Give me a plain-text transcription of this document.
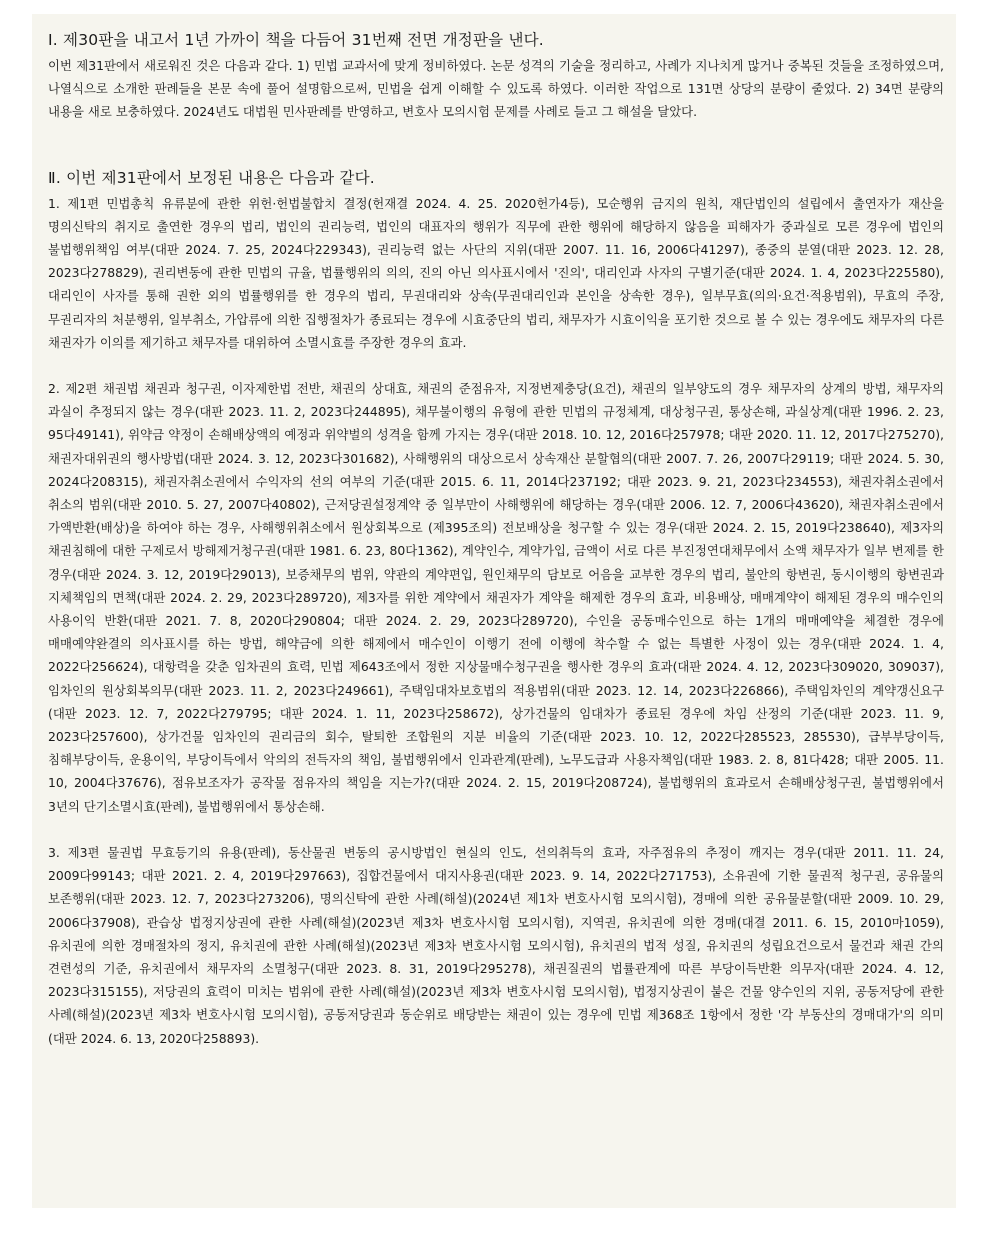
Ⅰ. 제30판을 내고서 1년 가까이 책을 다듬어 31번째 전면 개정판을 낸다.

이번 제31판에서 새로워진 것은 다음과 같다. 1) 민법 교과서에 맞게 정비하였다. 논문 성격의 기술을 정리하고, 사례가 지나치게 많거나 중복된 것들을 조정하였으며, 나열식으로 소개한 판례들을 본문 속에 풀어 설명함으로써, 민법을 쉽게 이해할 수 있도록 하였다. 이러한 작업으로 131면 상당의 분량이 줄었다. 2) 34면 분량의 내용을 새로 보충하였다. 2024년도 대법원 민사판례를 반영하고, 변호사 모의시험 문제를 사례로 들고 그 해설을 달았다.

Ⅱ. 이번 제31판에서 보정된 내용은 다음과 같다.

1. 제1편 민법총칙 유류분에 관한 위헌·헌법불합치 결정(헌재결 2024. 4. 25. 2020헌가4등), 모순행위 금지의 원칙, 재단법인의 설립에서 출연자가 재산을 명의신탁의 취지로 출연한 경우의 법리, 법인의 권리능력, 법인의 대표자의 행위가 직무에 관한 행위에 해당하지 않음을 피해자가 중과실로 모른 경우에 법인의 불법행위책임 여부(대판 2024. 7. 25, 2024다229343), 권리능력 없는 사단의 지위(대판 2007. 11. 16, 2006다41297), 종중의 분열(대판 2023. 12. 28, 2023다278829), 권리변동에 관한 민법의 규율, 법률행위의 의의, 진의 아닌 의사표시에서 '진의', 대리인과 사자의 구별기준(대판 2024. 1. 4, 2023다225580), 대리인이 사자를 통해 권한 외의 법률행위를 한 경우의 법리, 무권대리와 상속(무권대리인과 본인을 상속한 경우), 일부무효(의의·요건·적용범위), 무효의 주장, 무권리자의 처분행위, 일부취소, 가압류에 의한 집행절차가 종료되는 경우에 시효중단의 법리, 채무자가 시효이익을 포기한 것으로 볼 수 있는 경우에도 채무자의 다른 채권자가 이의를 제기하고 채무자를 대위하여 소멸시효를 주장한 경우의 효과.

2. 제2편 채권법 채권과 청구권, 이자제한법 전반, 채권의 상대효, 채권의 준점유자, 지정변제충당(요건), 채권의 일부양도의 경우 채무자의 상계의 방법, 채무자의 과실이 추정되지 않는 경우(대판 2023. 11. 2, 2023다244895), 채무불이행의 유형에 관한 민법의 규정체계, 대상청구권, 통상손해, 과실상계(대판 1996. 2. 23, 95다49141), 위약금 약정이 손해배상액의 예정과 위약벌의 성격을 함께 가지는 경우(대판 2018. 10. 12, 2016다257978; 대판 2020. 11. 12, 2017다275270), 채권자대위권의 행사방법(대판 2024. 3. 12, 2023다301682), 사해행위의 대상으로서 상속재산 분할협의(대판 2007. 7. 26, 2007다29119; 대판 2024. 5. 30, 2024다208315), 채권자취소권에서 수익자의 선의 여부의 기준(대판 2015. 6. 11, 2014다237192; 대판 2023. 9. 21, 2023다234553), 채권자취소권에서 취소의 범위(대판 2010. 5. 27, 2007다40802), 근저당권설정계약 중 일부만이 사해행위에 해당하는 경우(대판 2006. 12. 7, 2006다43620), 채권자취소권에서 가액반환(배상)을 하여야 하는 경우, 사해행위취소에서 원상회복으로 (제395조의) 전보배상을 청구할 수 있는 경우(대판 2024. 2. 15, 2019다238640), 제3자의 채권침해에 대한 구제로서 방해제거청구권(대판 1981. 6. 23, 80다1362), 계약인수, 계약가입, 금액이 서로 다른 부진정연대채무에서 소액 채무자가 일부 변제를 한 경우(대판 2024. 3. 12, 2019다29013), 보증채무의 범위, 약관의 계약편입, 원인채무의 담보로 어음을 교부한 경우의 법리, 불안의 항변권, 동시이행의 항변권과 지체책임의 면책(대판 2024. 2. 29, 2023다289720), 제3자를 위한 계약에서 채권자가 계약을 해제한 경우의 효과, 비용배상, 매매계약이 해제된 경우의 매수인의 사용이익 반환(대판 2021. 7. 8, 2020다290804; 대판 2024. 2. 29, 2023다289720), 수인을 공동매수인으로 하는 1개의 매매예약을 체결한 경우에 매매예약완결의 의사표시를 하는 방법, 해약금에 의한 해제에서 매수인이 이행기 전에 이행에 착수할 수 없는 특별한 사정이 있는 경우(대판 2024. 1. 4, 2022다256624), 대항력을 갖춘 임차권의 효력, 민법 제643조에서 정한 지상물매수청구권을 행사한 경우의 효과(대판 2024. 4. 12, 2023다309020, 309037), 임차인의 원상회복의무(대판 2023. 11. 2, 2023다249661), 주택임대차보호법의 적용범위(대판 2023. 12. 14, 2023다226866), 주택임차인의 계약갱신요구(대판 2023. 12. 7, 2022다279795; 대판 2024. 1. 11, 2023다258672), 상가건물의 임대차가 종료된 경우에 차임 산정의 기준(대판 2023. 11. 9, 2023다257600), 상가건물 임차인의 권리금의 회수, 탈퇴한 조합원의 지분 비율의 기준(대판 2023. 10. 12, 2022다285523, 285530), 급부부당이득, 침해부당이득, 운용이익, 부당이득에서 악의의 전득자의 책임, 불법행위에서 인과관계(판례), 노무도급과 사용자책임(대판 1983. 2. 8, 81다428; 대판 2005. 11. 10, 2004다37676), 점유보조자가 공작물 점유자의 책임을 지는가?(대판 2024. 2. 15, 2019다208724), 불법행위의 효과로서 손해배상청구권, 불법행위에서 3년의 단기소멸시효(판례), 불법행위에서 통상손해.

3. 제3편 물권법 무효등기의 유용(판례), 동산물권 변동의 공시방법인 현실의 인도, 선의취득의 효과, 자주점유의 추정이 깨지는 경우(대판 2011. 11. 24, 2009다99143; 대판 2021. 2. 4, 2019다297663), 집합건물에서 대지사용권(대판 2023. 9. 14, 2022다271753), 소유권에 기한 물권적 청구권, 공유물의 보존행위(대판 2023. 12. 7, 2023다273206), 명의신탁에 관한 사례(해설)(2024년 제1차 변호사시험 모의시험), 경매에 의한 공유물분할(대판 2009. 10. 29, 2006다37908), 관습상 법정지상권에 관한 사례(해설)(2023년 제3차 변호사시험 모의시험), 지역권, 유치권에 의한 경매(대결 2011. 6. 15, 2010마1059), 유치권에 의한 경매절차의 정지, 유치권에 관한 사례(해설)(2023년 제3차 변호사시험 모의시험), 유치권의 법적 성질, 유치권의 성립요건으로서 물건과 채권 간의 견련성의 기준, 유치권에서 채무자의 소멸청구(대판 2023. 8. 31, 2019다295278), 채권질권의 법률관계에 따른 부당이득반환 의무자(대판 2024. 4. 12, 2023다315155), 저당권의 효력이 미치는 범위에 관한 사례(해설)(2023년 제3차 변호사시험 모의시험), 법정지상권이 붙은 건물 양수인의 지위, 공동저당에 관한 사례(해설)(2023년 제3차 변호사시험 모의시험), 공동저당권과 동순위로 배당받는 채권이 있는 경우에 민법 제368조 1항에서 정한 '각 부동산의 경매대가'의 의미(대판 2024. 6. 13, 2020다258893).
